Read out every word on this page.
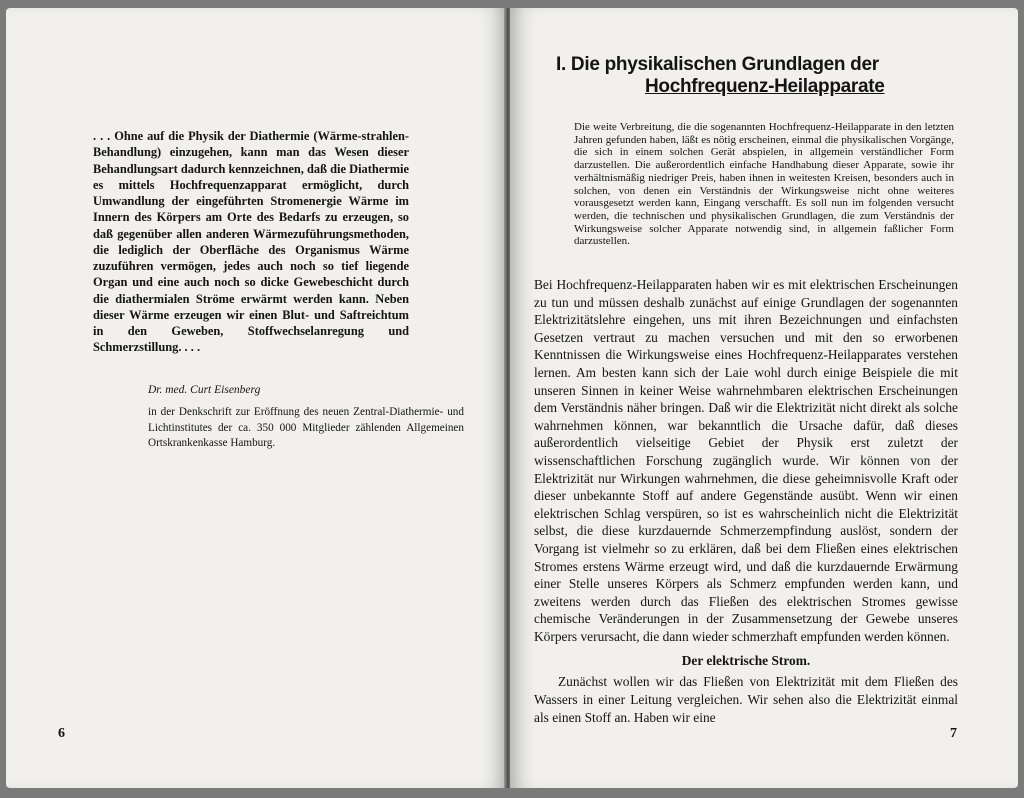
. . . Ohne auf die Physik der Diathermie (Wärme-strahlen-Behandlung) einzugehen, kann man das Wesen dieser Behandlungsart dadurch kennzeichnen, daß die Diathermie es mittels Hochfrequenzapparat ermöglicht, durch Umwandlung der eingeführten Stromenergie Wärme im Innern des Körpers am Orte des Bedarfs zu erzeugen, so daß gegenüber allen anderen Wärmezuführungsmethoden, die lediglich der Oberfläche des Organismus Wärme zuzuführen vermögen, jedes auch noch so tief liegende Organ und eine auch noch so dicke Gewebeschicht durch die diathermialen Ströme erwärmt werden kann. Neben dieser Wärme erzeugen wir einen Blut- und Saftreichtum in den Geweben, Stoffwechselanregung und Schmerzstillung. . . .

Dr. med. Curt Eisenberg

in der Denkschrift zur Eröffnung des neuen Zentral-Diathermie- und Lichtinstitutes der ca. 350 000 Mitglieder zählenden Allgemeinen Ortskrankenkasse Hamburg.

6

I. Die physikalischen Grundlagen der
Hochfrequenz-Heilapparate

Die weite Verbreitung, die die sogenannten Hochfrequenz-Heilapparate in den letzten Jahren gefunden haben, läßt es nötig erscheinen, einmal die physikalischen Vorgänge, die sich in einem solchen Gerät abspielen, in allgemein verständlicher Form darzustellen. Die außerordentlich einfache Handhabung dieser Apparate, sowie ihr verhältnismäßig niedriger Preis, haben ihnen in weitesten Kreisen, besonders auch in solchen, von denen ein Verständnis der Wirkungsweise nicht ohne weiteres vorausgesetzt werden kann, Eingang verschafft. Es soll nun im folgenden versucht werden, die technischen und physikalischen Grundlagen, die zum Verständnis der Wirkungsweise solcher Apparate notwendig sind, in allgemein faßlicher Form darzustellen.

Bei Hochfrequenz-Heilapparaten haben wir es mit elektrischen Erscheinungen zu tun und müssen deshalb zunächst auf einige Grundlagen der sogenannten Elektrizitätslehre eingehen, uns mit ihren Bezeichnungen und einfachsten Gesetzen vertraut zu machen versuchen und mit den so erworbenen Kenntnissen die Wirkungsweise eines Hochfrequenz-Heilapparates verstehen lernen. Am besten kann sich der Laie wohl durch einige Beispiele die mit unseren Sinnen in keiner Weise wahrnehmbaren elektrischen Erscheinungen dem Verständnis näher bringen. Daß wir die Elektrizität nicht direkt als solche wahrnehmen können, war bekanntlich die Ursache dafür, daß dieses außerordentlich vielseitige Gebiet der Physik erst zuletzt der wissenschaftlichen Forschung zugänglich wurde. Wir können von der Elektrizität nur Wirkungen wahrnehmen, die diese geheimnisvolle Kraft oder dieser unbekannte Stoff auf andere Gegenstände ausübt. Wenn wir einen elektrischen Schlag verspüren, so ist es wahrscheinlich nicht die Elektrizität selbst, die diese kurzdauernde Schmerzempfindung auslöst, sondern der Vorgang ist vielmehr so zu erklären, daß bei dem Fließen eines elektrischen Stromes erstens Wärme erzeugt wird, und daß die kurzdauernde Erwärmung einer Stelle unseres Körpers als Schmerz empfunden werden kann, und zweitens werden durch das Fließen des elektrischen Stromes gewisse chemische Veränderungen in der Zusammensetzung der Gewebe unseres Körpers verursacht, die dann wieder schmerzhaft empfunden werden können.

Der elektrische Strom.

Zunächst wollen wir das Fließen von Elektrizität mit dem Fließen des Wassers in einer Leitung vergleichen. Wir sehen also die Elektrizität einmal als einen Stoff an. Haben wir eine

7
